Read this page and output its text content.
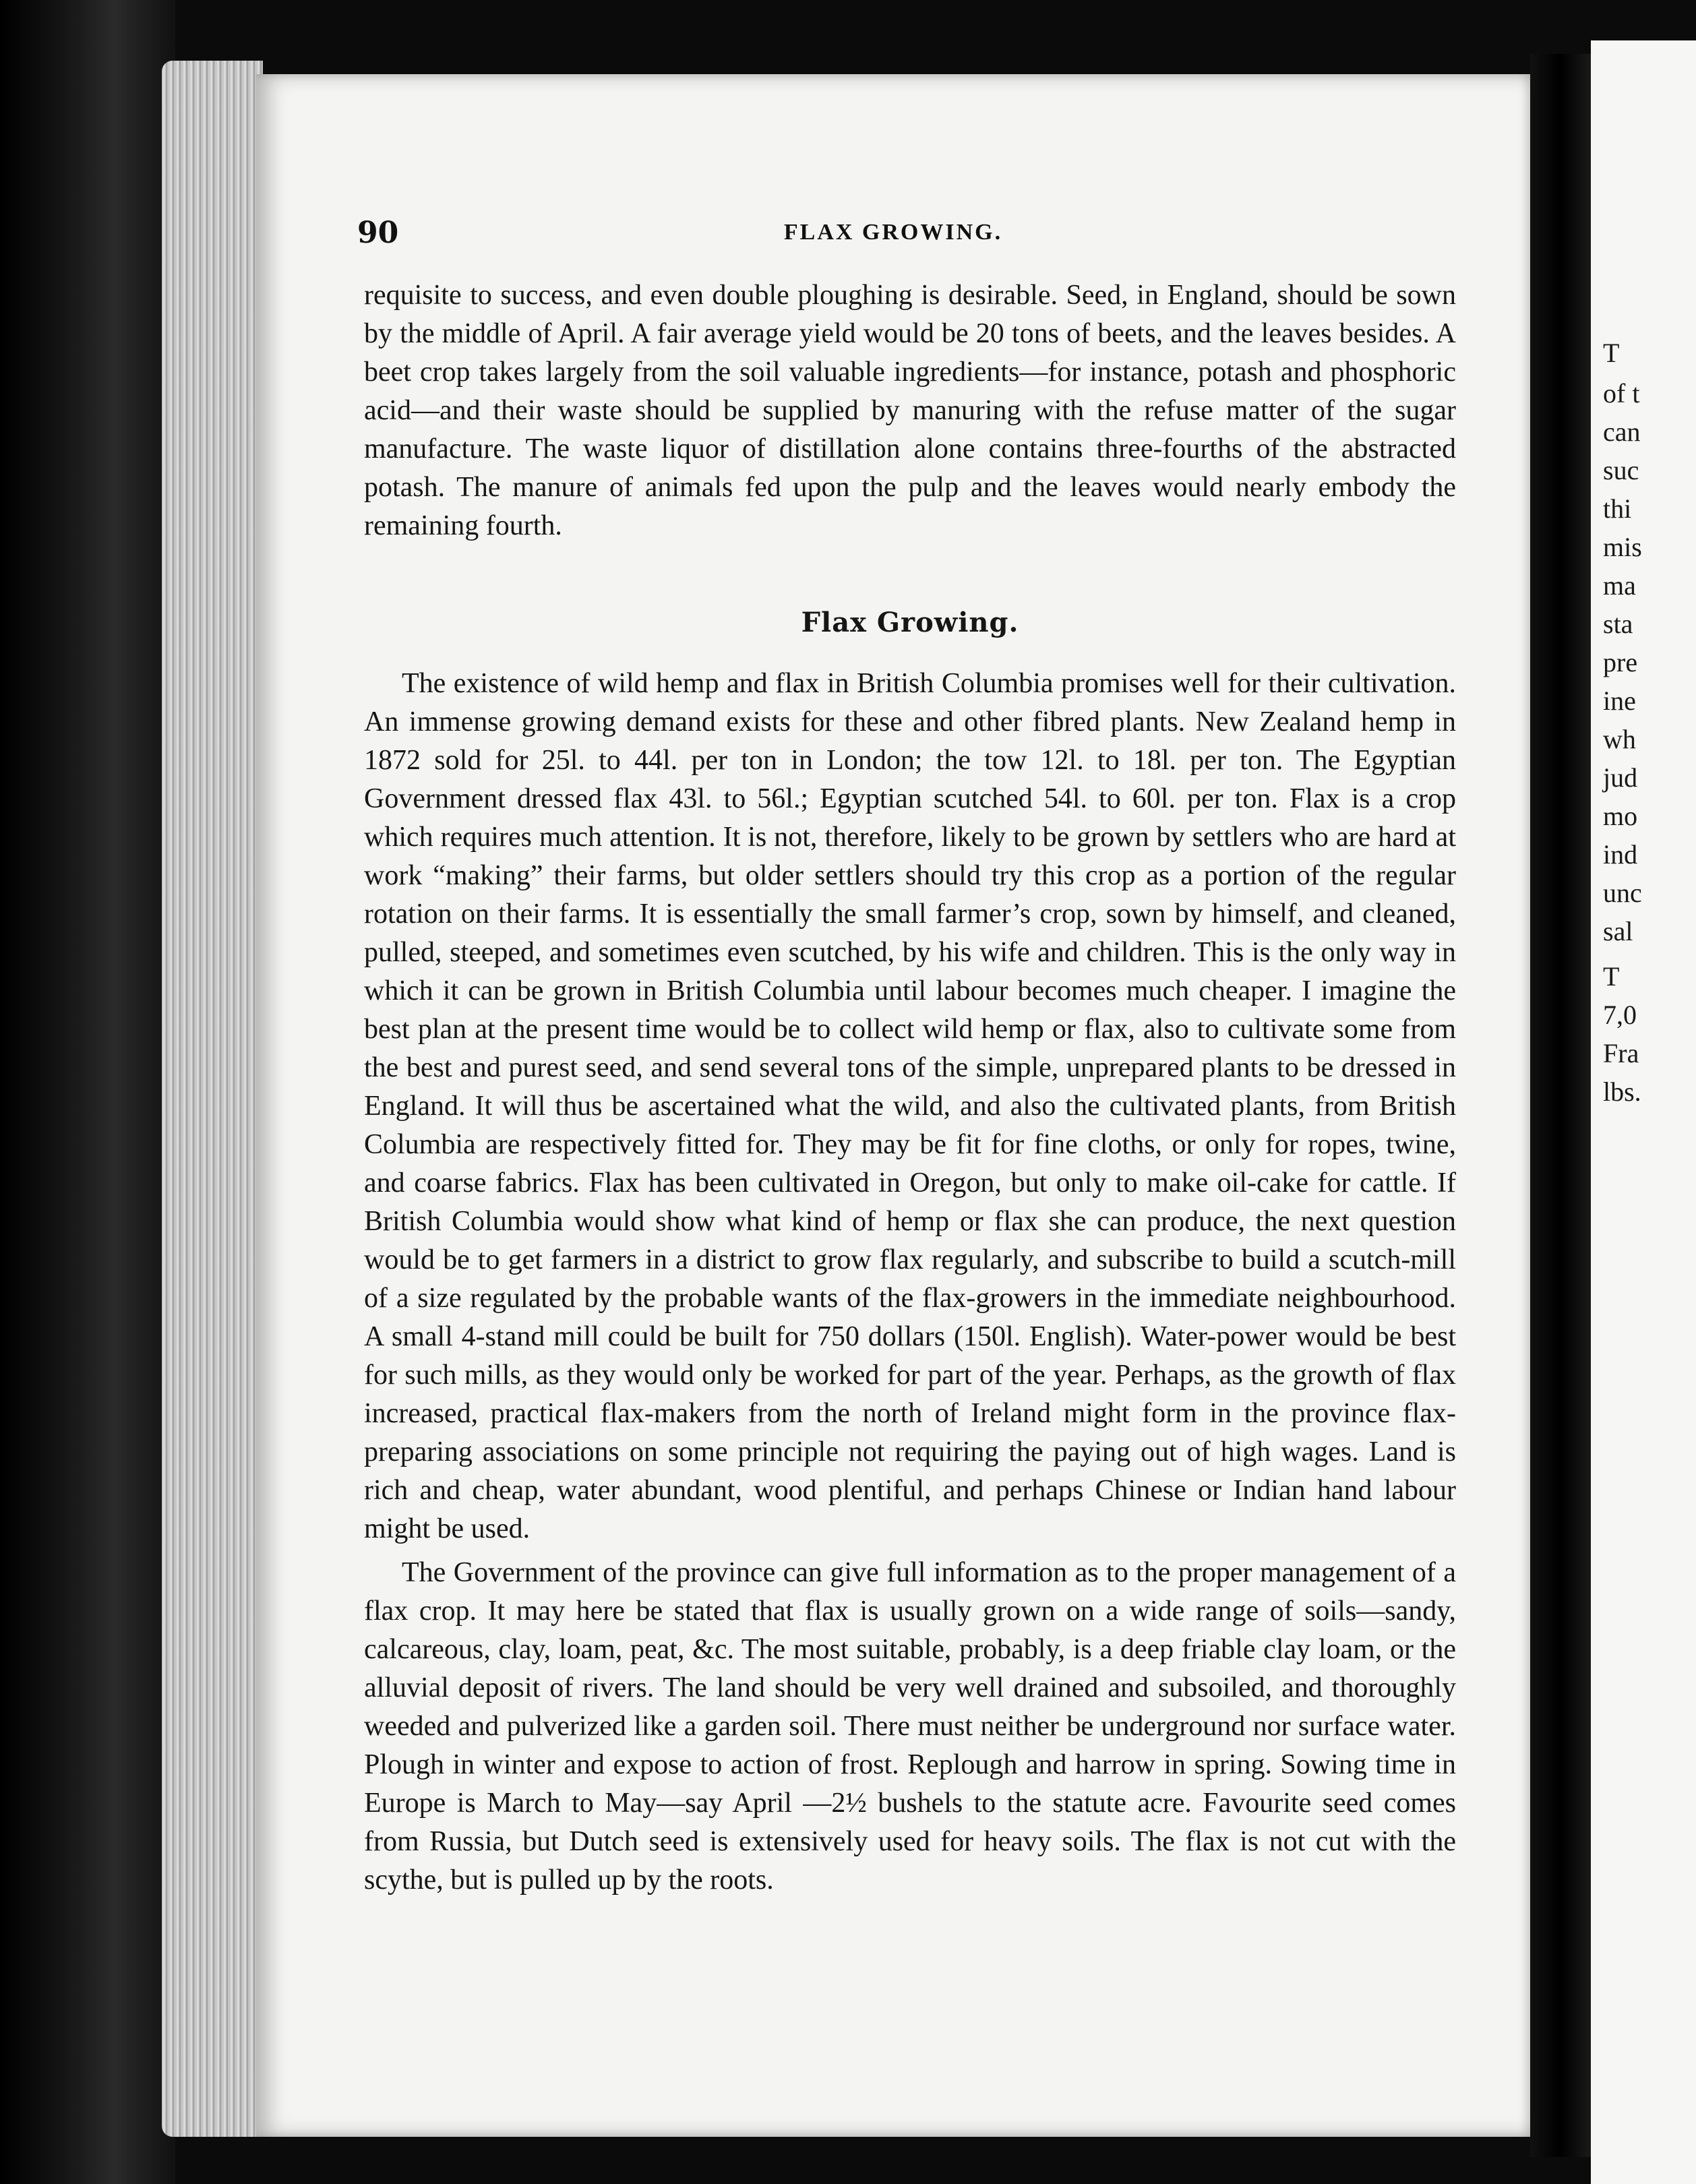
90	FLAX GROWING.

requisite to success, and even double ploughing is desirable. Seed, in England, should be sown by the middle of April. A fair average yield would be 20 tons of beets, and the leaves besides. A beet crop takes largely from the soil valuable ingredients—for instance, potash and phosphoric acid—and their waste should be supplied by manuring with the refuse matter of the sugar manufacture. The waste liquor of distillation alone contains three-fourths of the abstracted potash. The manure of animals fed upon the pulp and the leaves would nearly embody the remaining fourth.

Flax Growing.

The existence of wild hemp and flax in British Columbia promises well for their cultivation. An immense growing demand exists for these and other fibred plants. New Zealand hemp in 1872 sold for 25l. to 44l. per ton in London; the tow 12l. to 18l. per ton. The Egyptian Government dressed flax 43l. to 56l.; Egyptian scutched 54l. to 60l. per ton. Flax is a crop which requires much attention. It is not, therefore, likely to be grown by settlers who are hard at work “making” their farms, but older settlers should try this crop as a portion of the regular rotation on their farms. It is essentially the small farmer’s crop, sown by himself, and cleaned, pulled, steeped, and sometimes even scutched, by his wife and children. This is the only way in which it can be grown in British Columbia until labour becomes much cheaper. I imagine the best plan at the present time would be to collect wild hemp or flax, also to cultivate some from the best and purest seed, and send several tons of the simple, unprepared plants to be dressed in England. It will thus be ascertained what the wild, and also the cultivated plants, from British Columbia are respectively fitted for. They may be fit for fine cloths, or only for ropes, twine, and coarse fabrics. Flax has been cultivated in Oregon, but only to make oil-cake for cattle. If British Columbia would show what kind of hemp or flax she can produce, the next question would be to get farmers in a district to grow flax regularly, and subscribe to build a scutch-mill of a size regulated by the probable wants of the flax-growers in the immediate neighbourhood. A small 4-stand mill could be built for 750 dollars (150l. English). Water-power would be best for such mills, as they would only be worked for part of the year. Perhaps, as the growth of flax increased, practical flax-makers from the north of Ireland might form in the province flax-preparing associations on some principle not requiring the paying out of high wages. Land is rich and cheap, water abundant, wood plentiful, and perhaps Chinese or Indian hand labour might be used.

The Government of the province can give full information as to the proper management of a flax crop. It may here be stated that flax is usually grown on a wide range of soils—sandy, calcareous, clay, loam, peat, &c. The most suitable, probably, is a deep friable clay loam, or the alluvial deposit of rivers. The land should be very well drained and subsoiled, and thoroughly weeded and pulverized like a garden soil. There must neither be underground nor surface water. Plough in winter and expose to action of frost. Replough and harrow in spring. Sowing time in Europe is March to May—say April —2½ bushels to the statute acre. Favourite seed comes from Russia, but Dutch seed is extensively used for heavy soils. The flax is not cut with the scythe, but is pulled up by the roots.

T
of t
can
suc
thi
mis
ma
sta
pre
ine
wh
jud
mo
ind
unc
sal
T
7,0
Fra
lbs.
